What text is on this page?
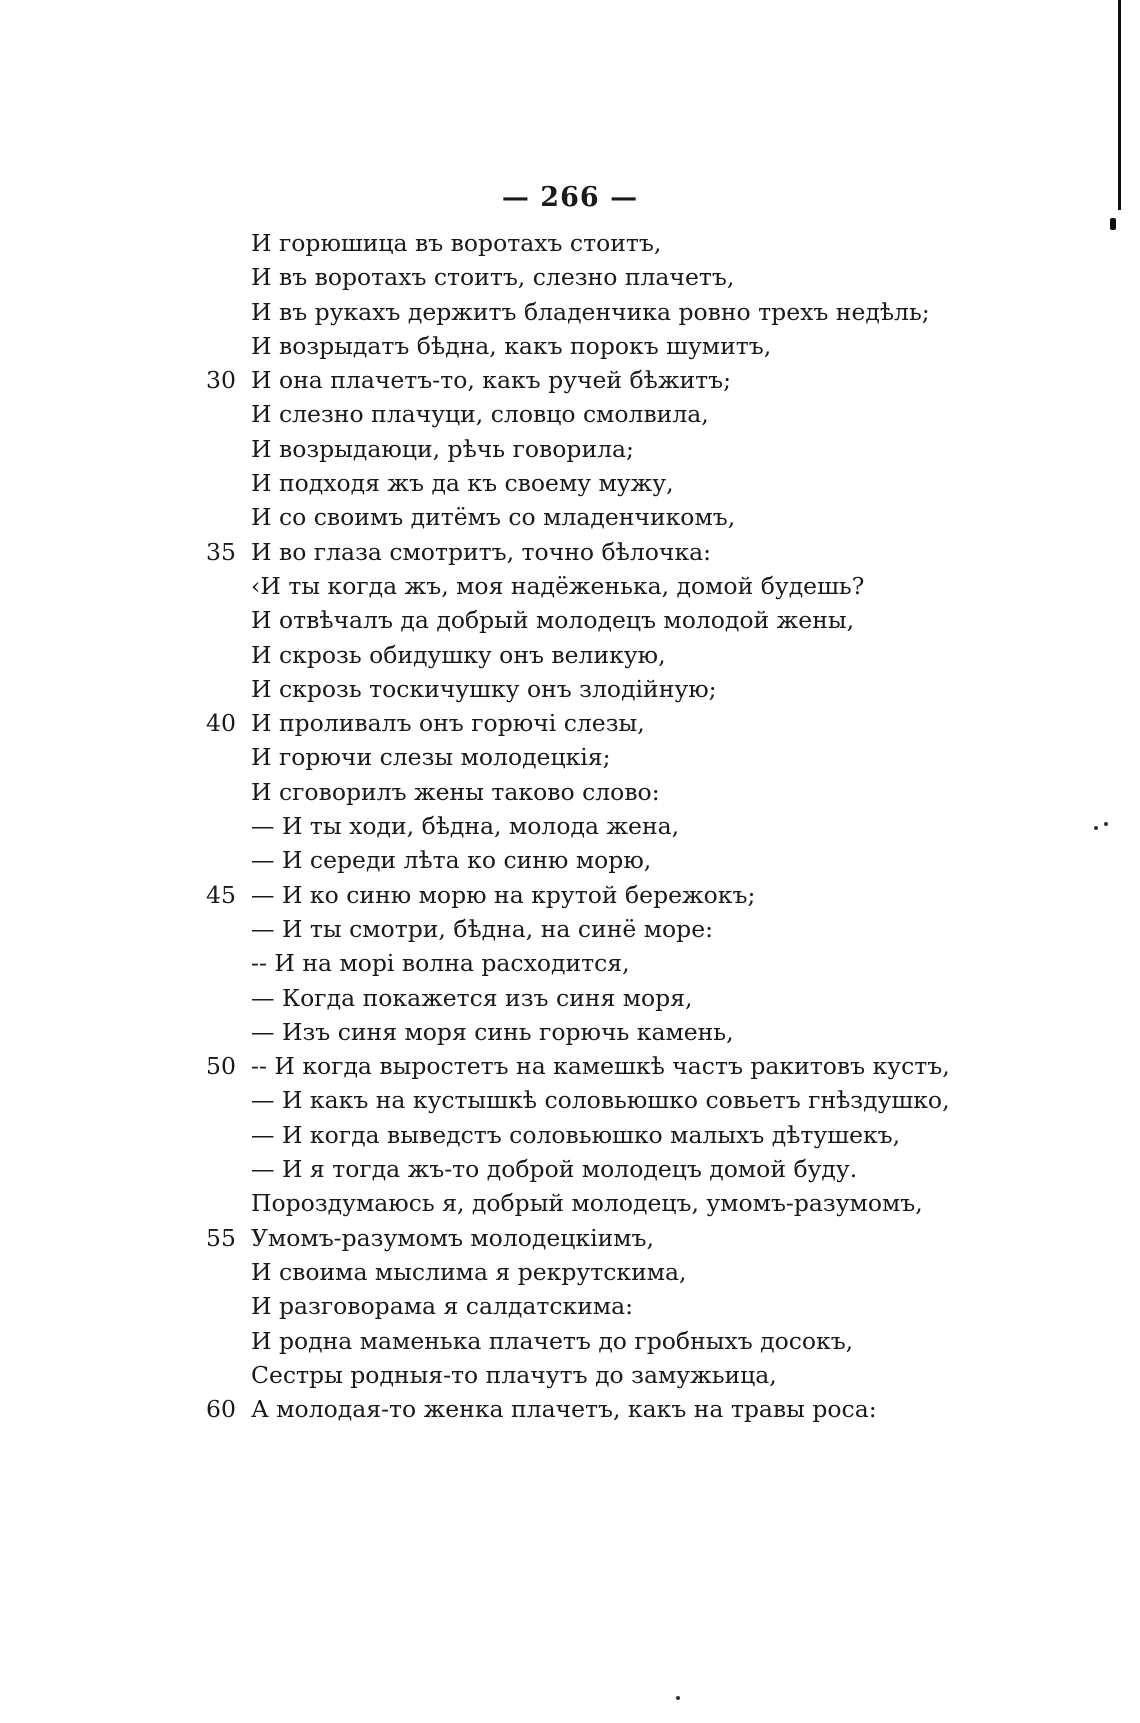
— 266 —
И горюшица въ воротахъ стоитъ,
И въ воротахъ стоитъ, слезно плачетъ,
И въ рукахъ держитъ бладенчика ровно трехъ недѣль;
И возрыдатъ бѣдна, какъ порокъ шумитъ,
30 И она плачетъ-то, какъ ручей бѣжитъ;
И слезно плачуци, словцо смолвила,
И возрыдаюци, рѣчь говорила;
И подходя жъ да къ своему мужу,
И со своимъ дитёмъ со младенчикомъ,
35 И во глаза смотритъ, точно бѣлочка:
‹И ты когда жъ, моя надёженька, домой будешь?
И отвѣчалъ да добрый молодецъ молодой жены,
И скрозь обидушку онъ великую,
И скрозь тоскичушку онъ злодійную;
40 И проливалъ онъ горючі слезы,
И горючи слезы молодецкія;
И сговорилъ жены таково слово:
— И ты ходи, бѣдна, молода жена,
— И середи лѣта ко синю морю,
45 — И ко синю морю на крутой бережокъ;
— И ты смотри, бѣдна, на синё море:
-- И на морі волна расходится,
— Когда покажется изъ синя моря,
— Изъ синя моря синь горючь камень,
50 -- И когда выростетъ на камешкѣ частъ ракитовъ кустъ,
— И какъ на кустышкѣ соловьюшко совьетъ гнѣздушко,
— И когда выведстъ соловьюшко малыхъ дѣтушекъ,
— И я тогда жъ-то доброй молодецъ домой буду.
Пороздумаюсь я, добрый молодецъ, умомъ-разумомъ,
55 Умомъ-разумомъ молодецкіимъ,
И своима мыслима я рекрутскима,
И разговорама я салдатскима:
И родна маменька плачетъ до гробныхъ досокъ,
Сестры родныя-то плачутъ до замужьица,
60 А молодая-то женка плачетъ, какъ на травы роса:
